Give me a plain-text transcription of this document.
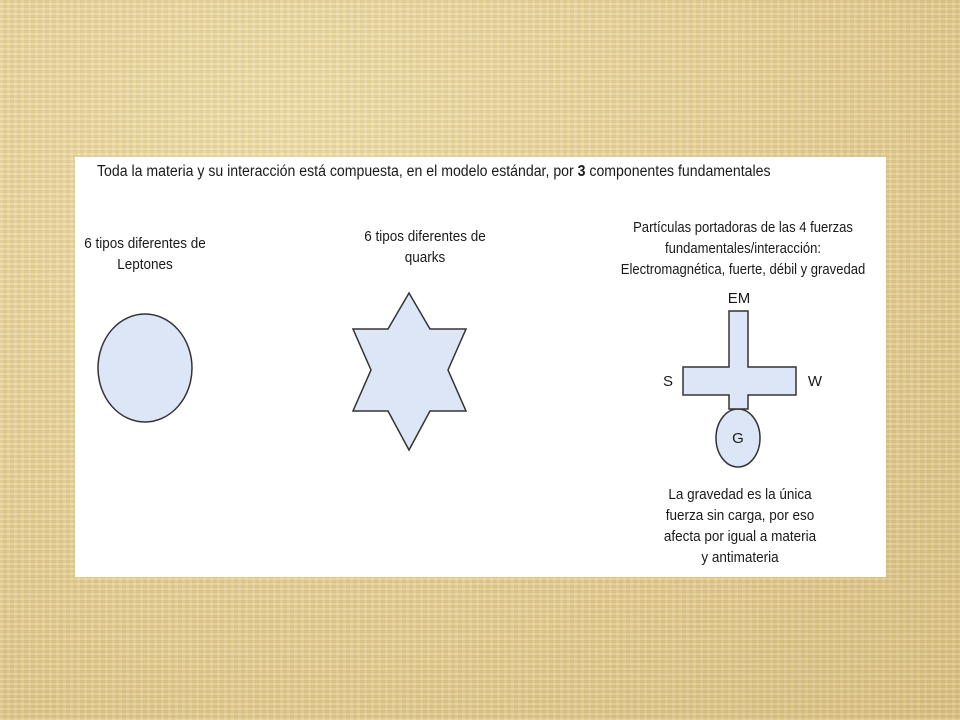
Toda la materia y su interacción está compuesta, en el modelo estándar, por 3 componentes fundamentales
6 tipos diferentes de
Leptones
6 tipos diferentes de
quarks
Partículas portadoras de las 4 fuerzas
fundamentales/interacción:
Electromagnética, fuerte, débil y gravedad
EM
S	W
G
La gravedad es la única
fuerza sin carga, por eso
afecta por igual a materia
y antimateria
